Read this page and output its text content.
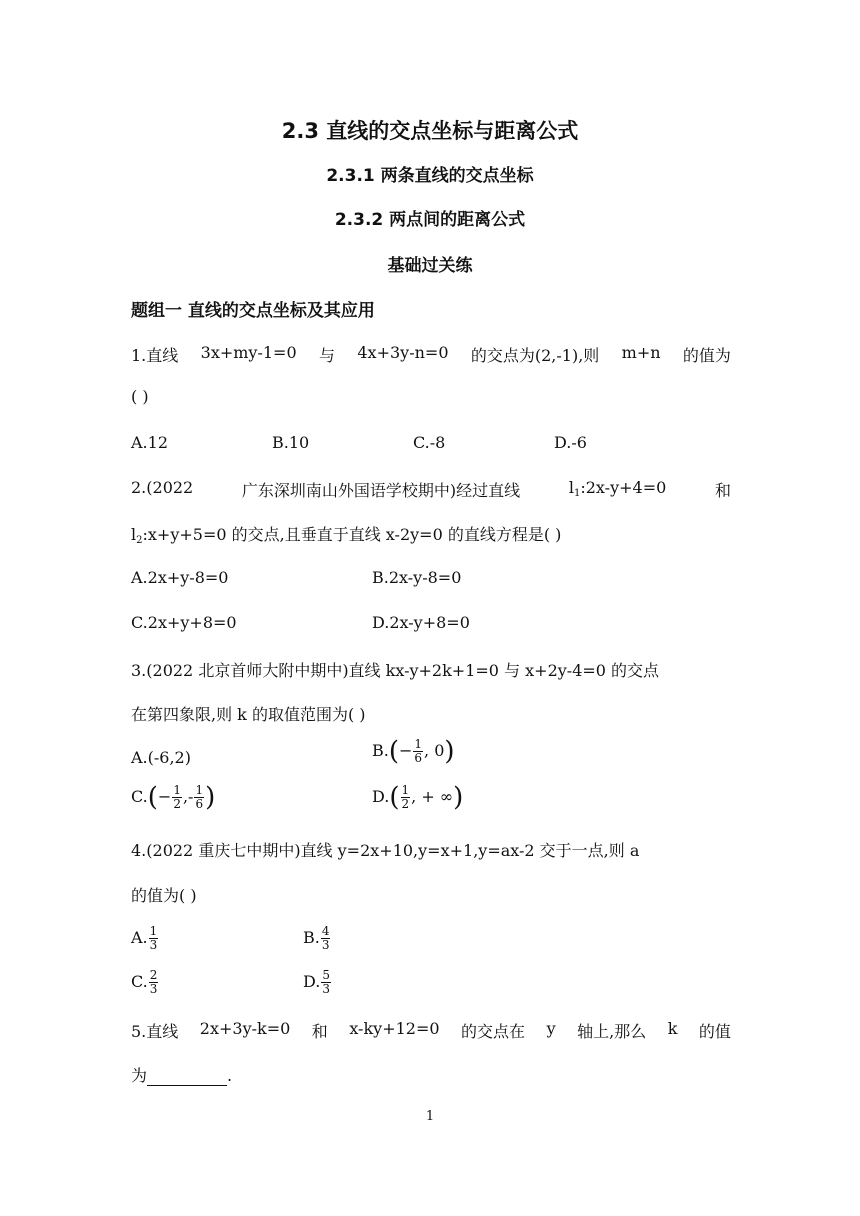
2.3 直线的交点坐标与距离公式
2.3.1 两条直线的交点坐标
2.3.2 两点间的距离公式
基础过关练
题组一 直线的交点坐标及其应用
1.直线 3x+my-1=0 与 4x+3y-n=0 的交点为(2,-1),则 m+n 的值为
( )
A.12	B.10	C.-8	D.-6
2.(2022	广东深圳南山外国语学校期中)经过直线	$l_1:2x-y+4=0$	和
$l_2:x+y+5=0$ 的交点,且垂直于直线 x-2y=0 的直线方程是( )
A.2x+y-8=0	B.2x-y-8=0
C.2x+y+8=0	D.2x-y+8=0
3.(2022 北京首师大附中期中)直线 kx-y+2k+1=0 与 x+2y-4=0 的交点
在第四象限,则 k 的取值范围为( )
A.(-6,2)	$B.(- \frac{1}{6}$ , 0)
$C.(- \frac{1}{2}$ ,- $\frac{1}{6}$ )	$D.( \frac{1}{2}$ , + ∞)
4.(2022 重庆七中期中)直线 y=2x+10,y=x+1,y=ax-2 交于一点,则 a
的值为( )
A. $\frac{1}{3}$	B. $\frac{4}{3}$
C. $\frac{2}{3}$	D. $\frac{5}{3}$
5.直线 2x+3y-k=0 和 x-ky+12=0 的交点在 y 轴上,那么 k 的值
为	.
1
